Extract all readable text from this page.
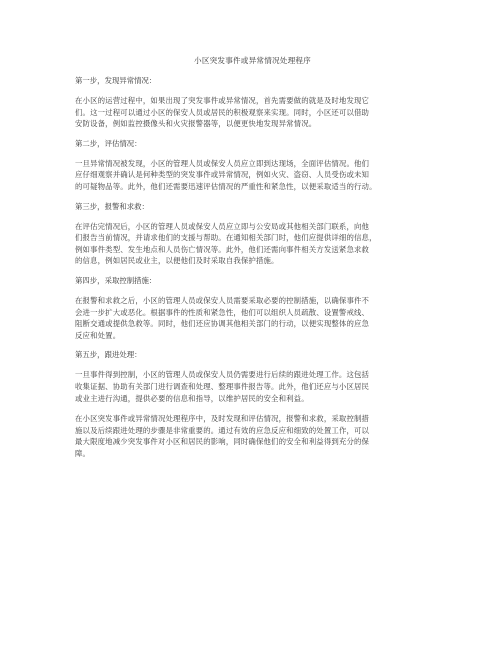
小区突发事件或异常情况处理程序
第一步，发现异常情况：
在小区的运营过程中，如果出现了突发事件或异常情况，首先需要做的就是及时地发现它
们。这一过程可以通过小区的保安人员或居民的积极观察来实现。同时，小区还可以借助
安防设备，例如监控摄像头和火灾报警器等，以便更快地发现异常情况。
第二步，评估情况：
一旦异常情况被发现，小区的管理人员或保安人员应立即到达现场，全面评估情况。他们
应仔细观察并确认是何种类型的突发事件或异常情况，例如火灾、盗窃、人员受伤或未知
的可疑物品等。此外，他们还需要迅速评估情况的严重性和紧急性，以便采取适当的行动。
第三步，报警和求救：
在评估完情况后，小区的管理人员或保安人员应立即与公安局或其他相关部门联系，向他
们报告当前情况，并请求他们的支援与帮助。在通知相关部门时，他们应提供详细的信息，
例如事件类型、发生地点和人员伤亡情况等。此外，他们还需向事件相关方发送紧急求救
的信息，例如居民或业主，以便他们及时采取自我保护措施。
第四步，采取控制措施：
在报警和求救之后，小区的管理人员或保安人员需要采取必要的控制措施，以确保事件不
会进一步扩大或恶化。根据事件的性质和紧急性，他们可以组织人员疏散、设置警戒线、
阻断交通或提供急救等。同时，他们还应协调其他相关部门的行动，以便实现整体的应急
反应和处置。
第五步，跟进处理：
一旦事件得到控制，小区的管理人员或保安人员仍需要进行后续的跟进处理工作。这包括
收集证据、协助有关部门进行调查和处理、整理事件报告等。此外，他们还应与小区居民
或业主进行沟通，提供必要的信息和指导，以维护居民的安全和利益。
在小区突发事件或异常情况处理程序中，及时发现和评估情况，报警和求救，采取控制措
施以及后续跟进处理的步骤是非常重要的。通过有效的应急反应和细致的处置工作，可以
最大限度地减少突发事件对小区和居民的影响，同时确保他们的安全和利益得到充分的保
障。
